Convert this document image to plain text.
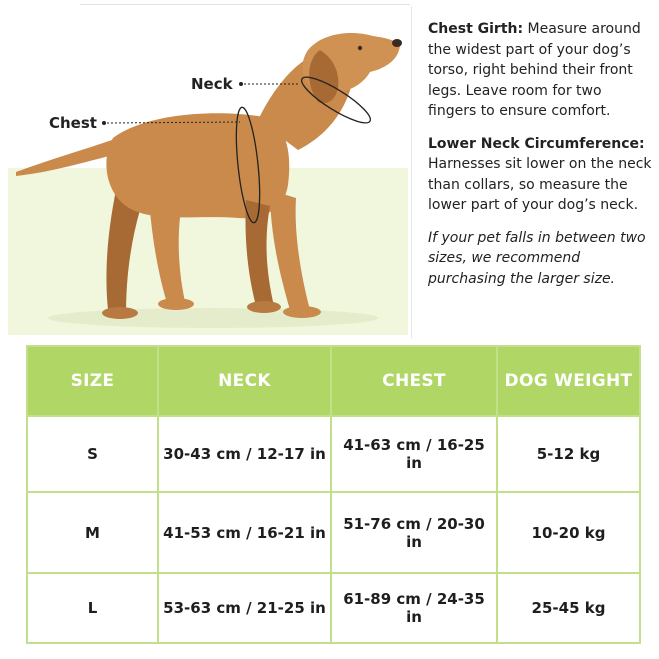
Neck
Chest

Chest Girth: Measure around the widest part of your dog’s torso, right behind their front legs. Leave room for two fingers to ensure comfort.

Lower Neck Circumference:
Harnesses sit lower on the neck than collars, so measure the lower part of your dog’s neck.

If your pet falls in between two sizes, we recommend purchasing the larger size.

SIZE	NECK	CHEST	DOG WEIGHT
S	30-43 cm / 12-17 in	41-63 cm / 16-25 in	5-12 kg
M	41-53 cm / 16-21 in	51-76 cm / 20-30 in	10-20 kg
L	53-63 cm / 21-25 in	61-89 cm / 24-35 in	25-45 kg
